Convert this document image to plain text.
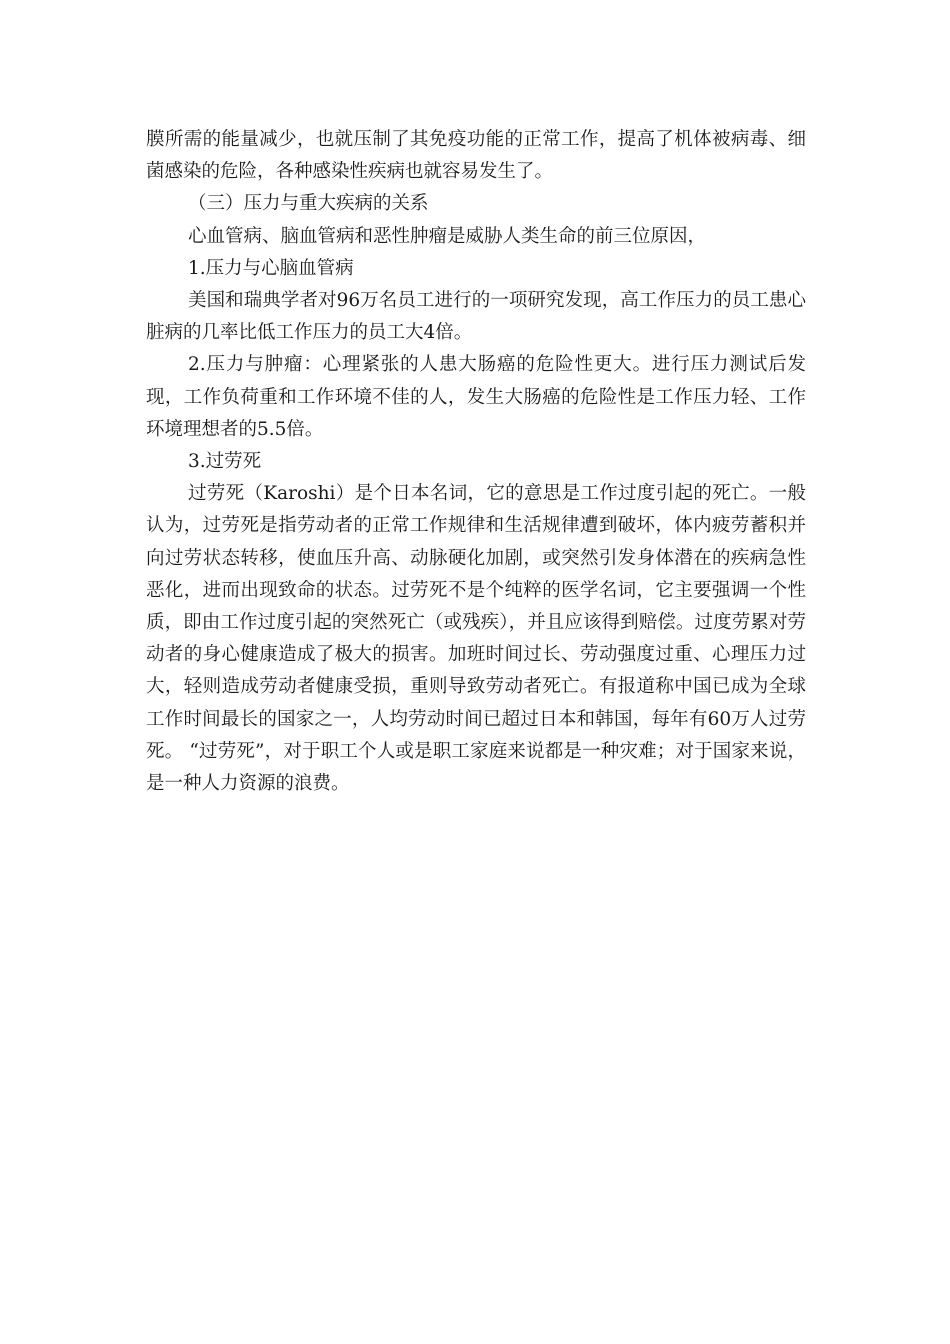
膜所需的能量减少，也就压制了其免疫功能的正常工作，提高了机体被病毒、细菌感染的危险，各种感染性疾病也就容易发生了。

（三）压力与重大疾病的关系

心血管病、脑血管病和恶性肿瘤是威胁人类生命的前三位原因，

1.压力与心脑血管病

美国和瑞典学者对96万名员工进行的一项研究发现，高工作压力的员工患心脏病的几率比低工作压力的员工大4倍。

2.压力与肿瘤：心理紧张的人患大肠癌的危险性更大。进行压力测试后发现，工作负荷重和工作环境不佳的人，发生大肠癌的危险性是工作压力轻、工作环境理想者的5.5倍。

3.过劳死

过劳死（Karoshi）是个日本名词，它的意思是工作过度引起的死亡。一般认为，过劳死是指劳动者的正常工作规律和生活规律遭到破坏，体内疲劳蓄积并向过劳状态转移，使血压升高、动脉硬化加剧，或突然引发身体潜在的疾病急性恶化，进而出现致命的状态。过劳死不是个纯粹的医学名词，它主要强调一个性质，即由工作过度引起的突然死亡（或残疾），并且应该得到赔偿。过度劳累对劳动者的身心健康造成了极大的损害。加班时间过长、劳动强度过重、心理压力过大，轻则造成劳动者健康受损，重则导致劳动者死亡。有报道称中国已成为全球工作时间最长的国家之一，人均劳动时间已超过日本和韩国，每年有60万人过劳死。 “过劳死”，对于职工个人或是职工家庭来说都是一种灾难；对于国家来说，是一种人力资源的浪费。
